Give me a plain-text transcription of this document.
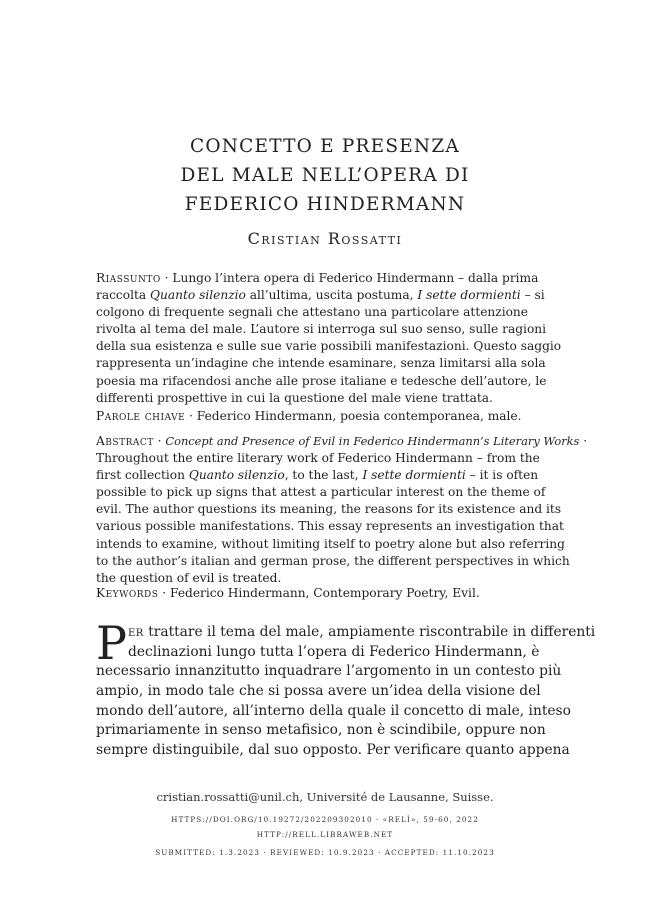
CONCETTO E PRESENZA
DEL MALE NELL’OPERA DI
FEDERICO HINDERMANN
Cristian Rossatti
Riassunto · Lungo l’intera opera di Federico Hindermann – dalla prima
raccolta Quanto silenzio all’ultima, uscita postuma, I sette dormienti – si
colgono di frequente segnali che attestano una particolare attenzione
rivolta al tema del male. L’autore si interroga sul suo senso, sulle ragioni
della sua esistenza e sulle sue varie possibili manifestazioni. Questo saggio
rappresenta un’indagine che intende esaminare, senza limitarsi alla sola
poesia ma rifacendosi anche alle prose italiane e tedesche dell’autore, le
differenti prospettive in cui la questione del male viene trattata.
Parole chiave · Federico Hindermann, poesia contemporanea, male.
Abstract · Concept and Presence of Evil in Federico Hindermann’s Literary Works ·
Throughout the entire literary work of Federico Hindermann – from the
first collection Quanto silenzio, to the last, I sette dormienti – it is often
possible to pick up signs that attest a particular interest on the theme of
evil. The author questions its meaning, the reasons for its existence and its
various possible manifestations. This essay represents an investigation that
intends to examine, without limiting itself to poetry alone but also referring
to the author’s italian and german prose, the different perspectives in which
the question of evil is treated.
Keywords · Federico Hindermann, Contemporary Poetry, Evil.
P er trattare il tema del male, ampiamente riscontrabile in differenti
declinazioni lungo tutta l’opera di Federico Hindermann, è
necessario innanzitutto inquadrare l’argomento in un contesto più
ampio, in modo tale che si possa avere un’idea della visione del
mondo dell’autore, all’interno della quale il concetto di male, inteso
primariamente in senso metafisico, non è scindibile, oppure non
sempre distinguibile, dal suo opposto. Per verificare quanto appena
cristian.rossatti@unil.ch, Université de Lausanne, Suisse.
HTTPS://DOI.ORG/10.19272/202209302010 · «RELÌ», 59-60, 2022
HTTP://RELL.LIBRAWEB.NET
SUBMITTED: 1.3.2023 · REVIEWED: 10.9.2023 · ACCEPTED: 11.10.2023
